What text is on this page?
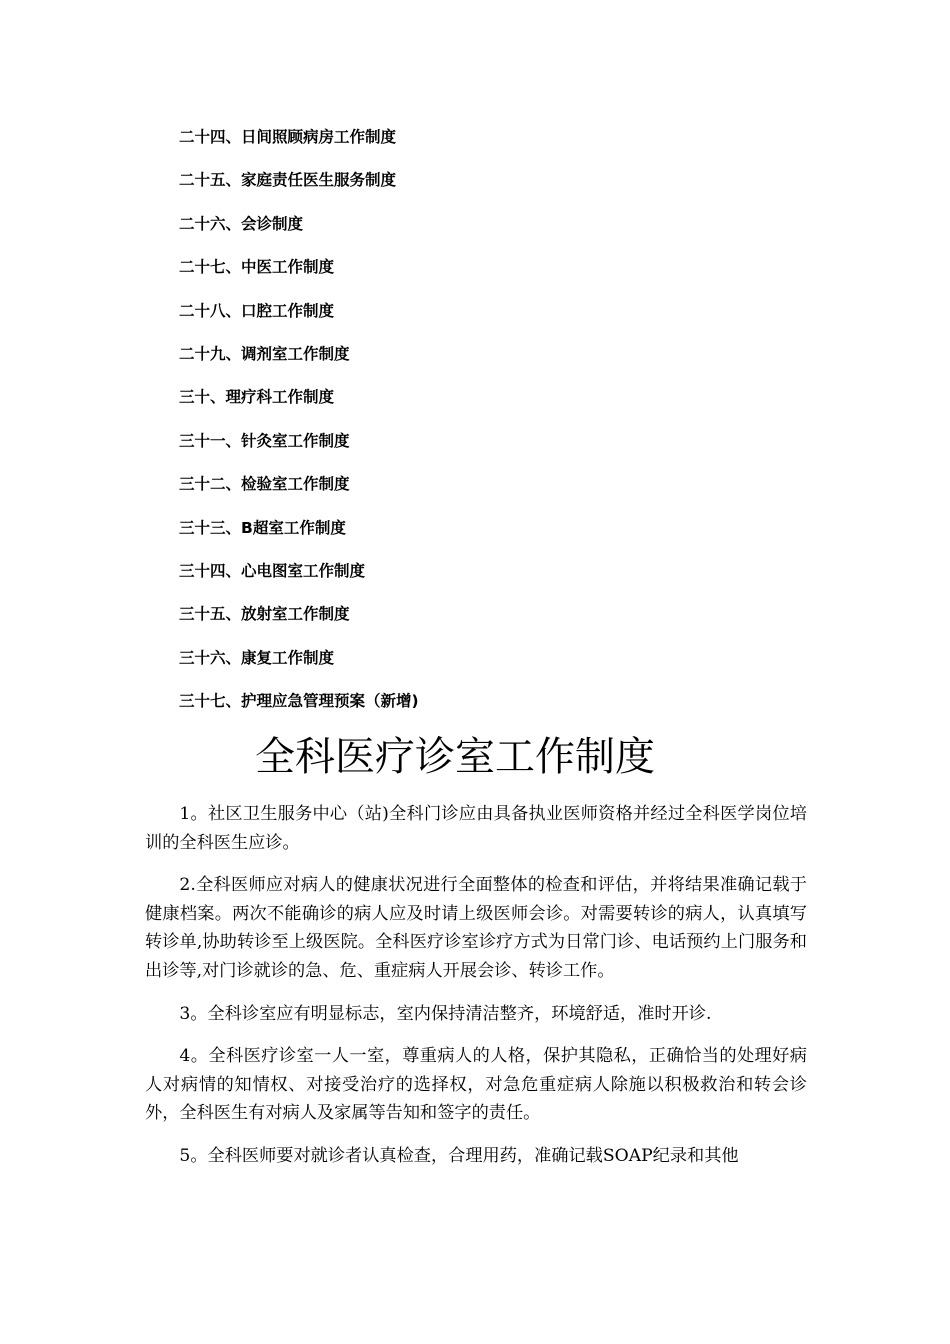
二十四、日间照顾病房工作制度
二十五、家庭责任医生服务制度
二十六、会诊制度
二十七、中医工作制度
二十八、口腔工作制度
二十九、调剂室工作制度
三十、理疗科工作制度
三十一、针灸室工作制度
三十二、检验室工作制度
三十三、B超室工作制度
三十四、心电图室工作制度
三十五、放射室工作制度
三十六、康复工作制度
三十七、护理应急管理预案（新增)
全科医疗诊室工作制度

1。社区卫生服务中心（站)全科门诊应由具备执业医师资格并经过全科医学岗位培训的全科医生应诊。

2.全科医师应对病人的健康状况进行全面整体的检查和评估，并将结果准确记载于健康档案。两次不能确诊的病人应及时请上级医师会诊。对需要转诊的病人，认真填写转诊单,协助转诊至上级医院。全科医疗诊室诊疗方式为日常门诊、电话预约上门服务和出诊等,对门诊就诊的急、危、重症病人开展会诊、转诊工作。

3。全科诊室应有明显标志，室内保持清洁整齐，环境舒适，准时开诊.

4。全科医疗诊室一人一室，尊重病人的人格，保护其隐私，正确恰当的处理好病人对病情的知情权、对接受治疗的选择权，对急危重症病人除施以积极救治和转会诊外，全科医生有对病人及家属等告知和签字的责任。

5。全科医师要对就诊者认真检查，合理用药，准确记载SOAP纪录和其他
